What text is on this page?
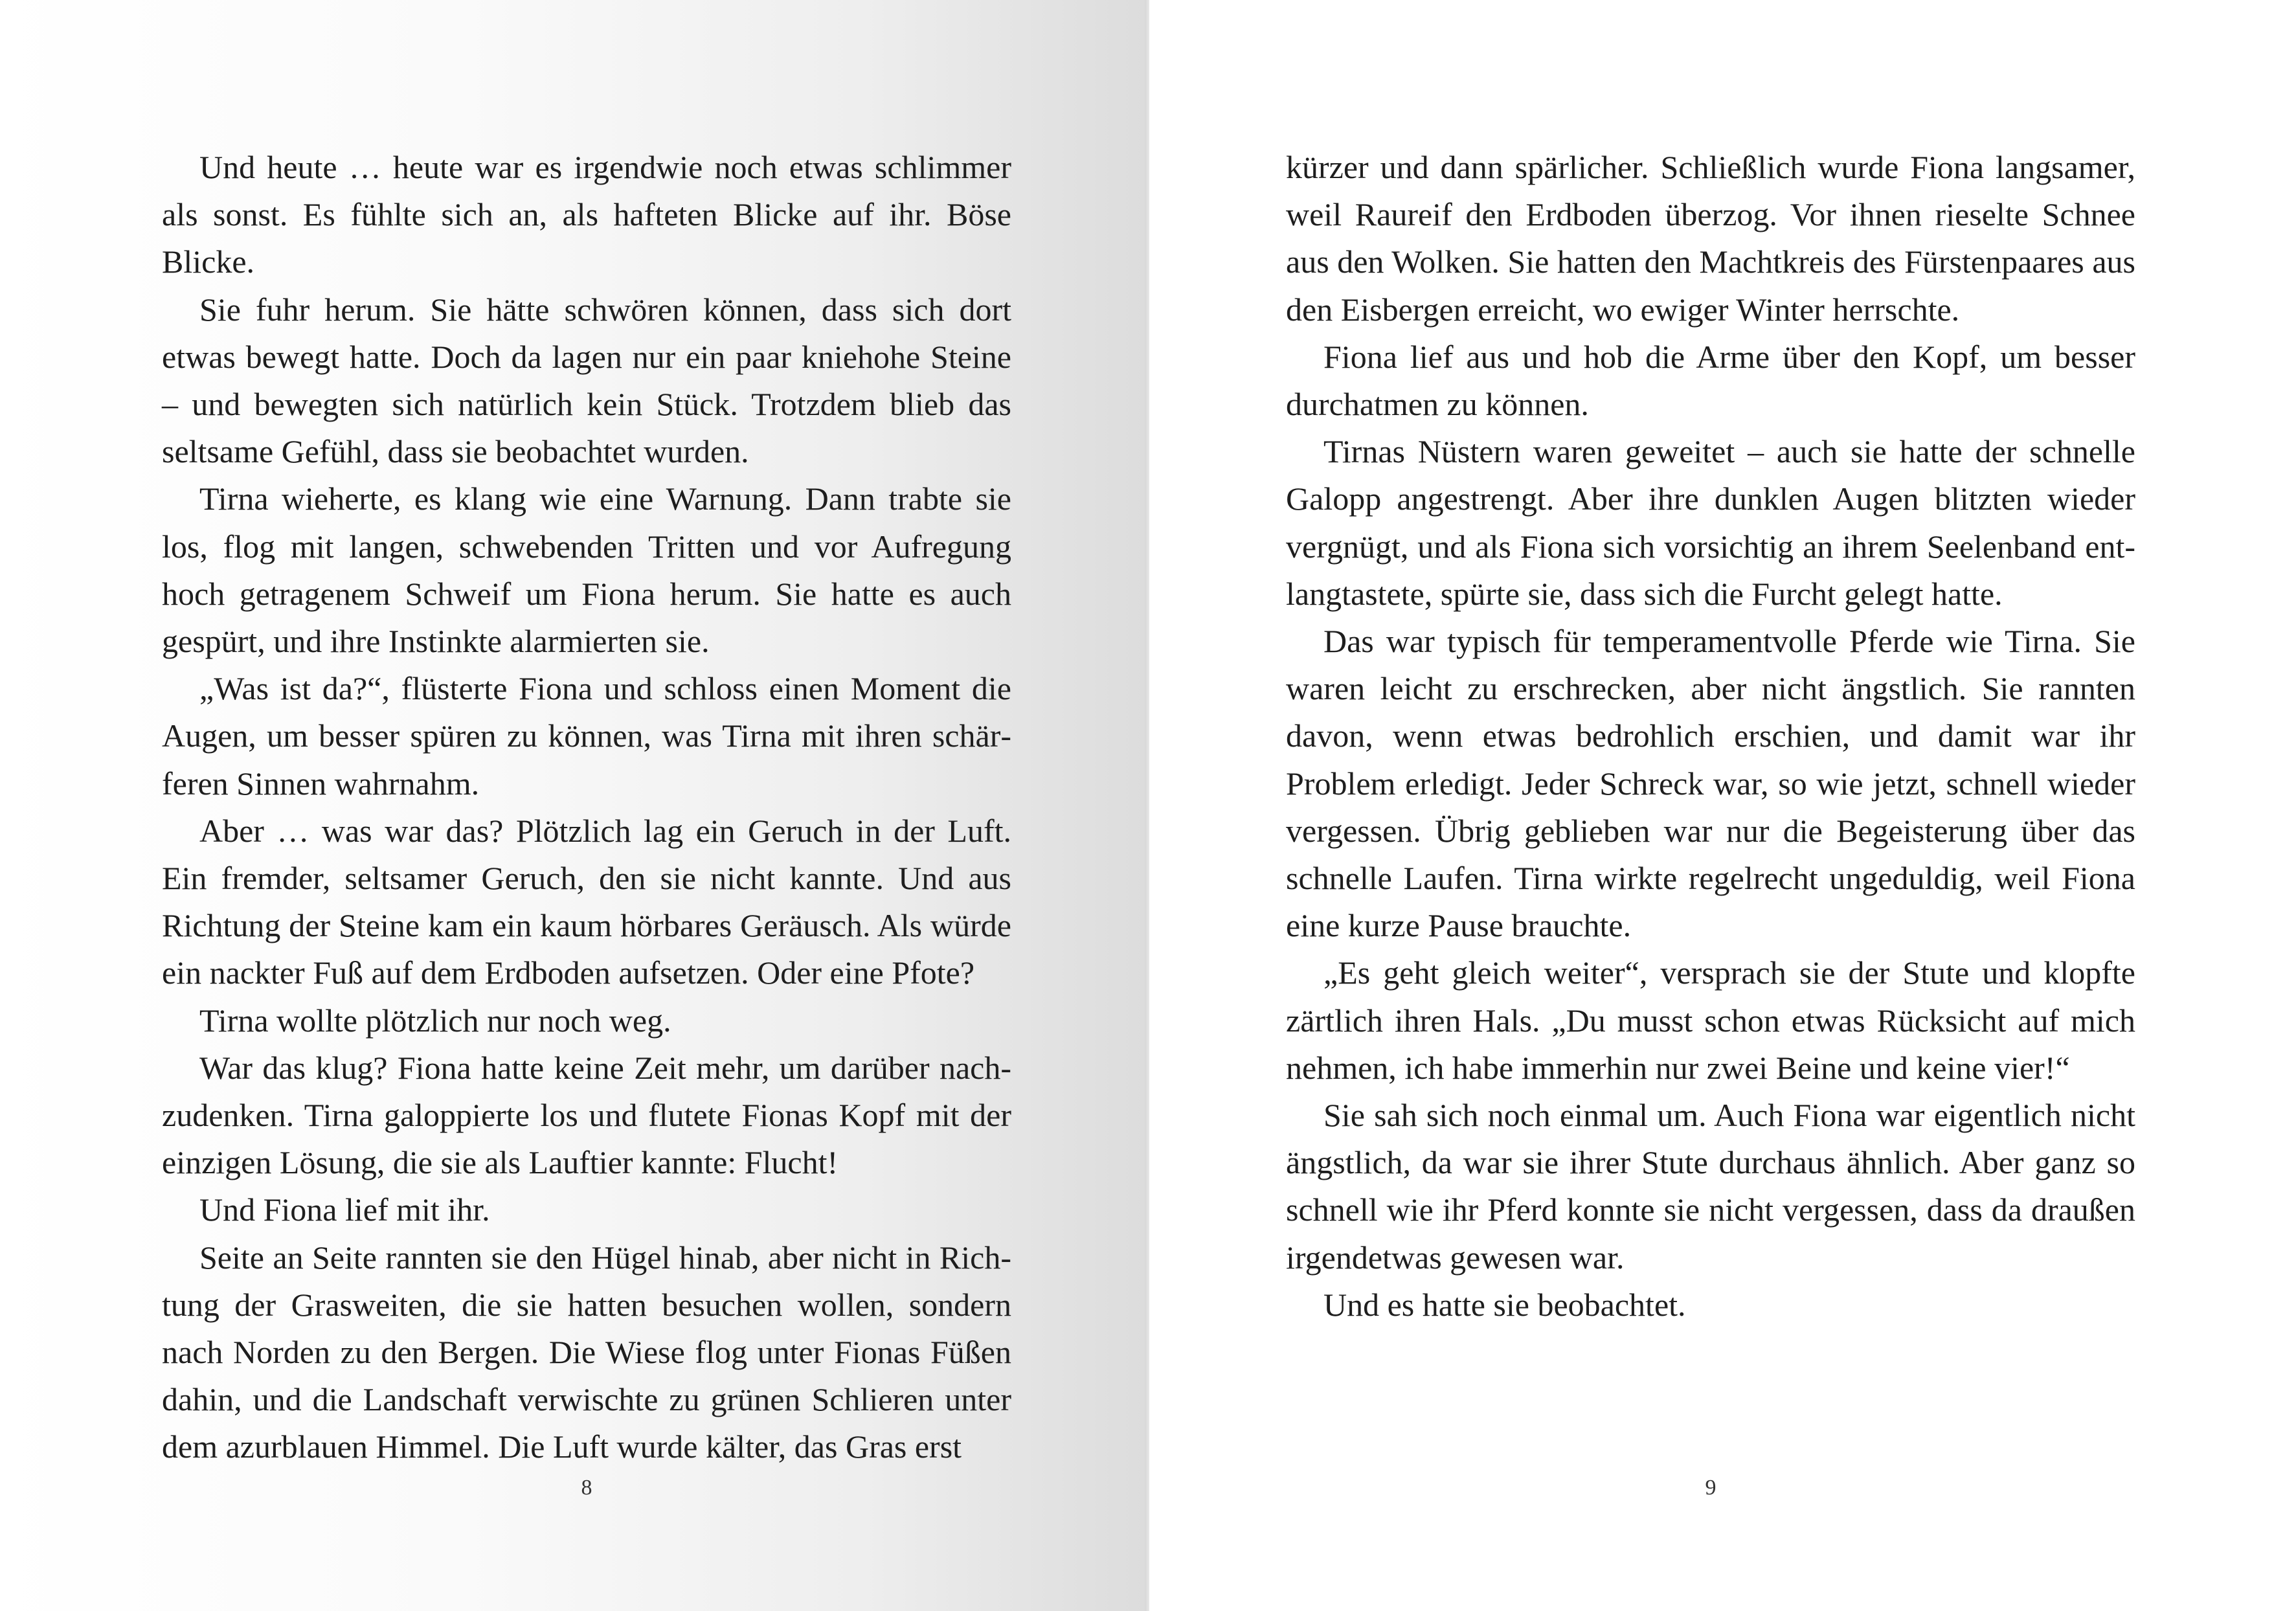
Und heute … heute war es irgendwie noch etwas schlimmer als sonst. Es fühlte sich an, als hafteten Blicke auf ihr. Böse Blicke.

Sie fuhr herum. Sie hätte schwören können, dass sich dort etwas bewegt hatte. Doch da lagen nur ein paar kniehohe Steine – und bewegten sich natürlich kein Stück. Trotzdem blieb das seltsame Gefühl, dass sie beobachtet wurden.

Tirna wieherte, es klang wie eine Warnung. Dann trabte sie los, flog mit langen, schwebenden Tritten und vor Aufregung hoch getragenem Schweif um Fiona herum. Sie hatte es auch gespürt, und ihre Instinkte alarmierten sie.

„Was ist da?“, flüsterte Fiona und schloss einen Moment die Augen, um besser spüren zu können, was Tirna mit ihren schärferen Sinnen wahrnahm.

Aber … was war das? Plötzlich lag ein Geruch in der Luft. Ein fremder, seltsamer Geruch, den sie nicht kannte. Und aus Richtung der Steine kam ein kaum hörbares Geräusch. Als würde ein nackter Fuß auf dem Erdboden aufsetzen. Oder eine Pfote?

Tirna wollte plötzlich nur noch weg.

War das klug? Fiona hatte keine Zeit mehr, um darüber nachzudenken. Tirna galoppierte los und flutete Fionas Kopf mit der einzigen Lösung, die sie als Lauftier kannte: Flucht!

Und Fiona lief mit ihr.

Seite an Seite rannten sie den Hügel hinab, aber nicht in Richtung der Grasweiten, die sie hatten besuchen wollen, sondern nach Norden zu den Bergen. Die Wiese flog unter Fionas Füßen dahin, und die Landschaft verwischte zu grünen Schlieren unter dem azurblauen Himmel. Die Luft wurde kälter, das Gras erst

8

kürzer und dann spärlicher. Schließlich wurde Fiona langsamer, weil Raureif den Erdboden überzog. Vor ihnen rieselte Schnee aus den Wolken. Sie hatten den Machtkreis des Fürstenpaares aus den Eisbergen erreicht, wo ewiger Winter herrschte.

Fiona lief aus und hob die Arme über den Kopf, um besser durchatmen zu können.

Tirnas Nüstern waren geweitet – auch sie hatte der schnelle Galopp angestrengt. Aber ihre dunklen Augen blitzten wieder vergnügt, und als Fiona sich vorsichtig an ihrem Seelenband entlangtastete, spürte sie, dass sich die Furcht gelegt hatte.

Das war typisch für temperamentvolle Pferde wie Tirna. Sie waren leicht zu erschrecken, aber nicht ängstlich. Sie rannten davon, wenn etwas bedrohlich erschien, und damit war ihr Problem erledigt. Jeder Schreck war, so wie jetzt, schnell wieder vergessen. Übrig geblieben war nur die Begeisterung über das schnelle Laufen. Tirna wirkte regelrecht ungeduldig, weil Fiona eine kurze Pause brauchte.

„Es geht gleich weiter“, versprach sie der Stute und klopfte zärtlich ihren Hals. „Du musst schon etwas Rücksicht auf mich nehmen, ich habe immerhin nur zwei Beine und keine vier!“

Sie sah sich noch einmal um. Auch Fiona war eigentlich nicht ängstlich, da war sie ihrer Stute durchaus ähnlich. Aber ganz so schnell wie ihr Pferd konnte sie nicht vergessen, dass da draußen irgendetwas gewesen war.

Und es hatte sie beobachtet.

9
